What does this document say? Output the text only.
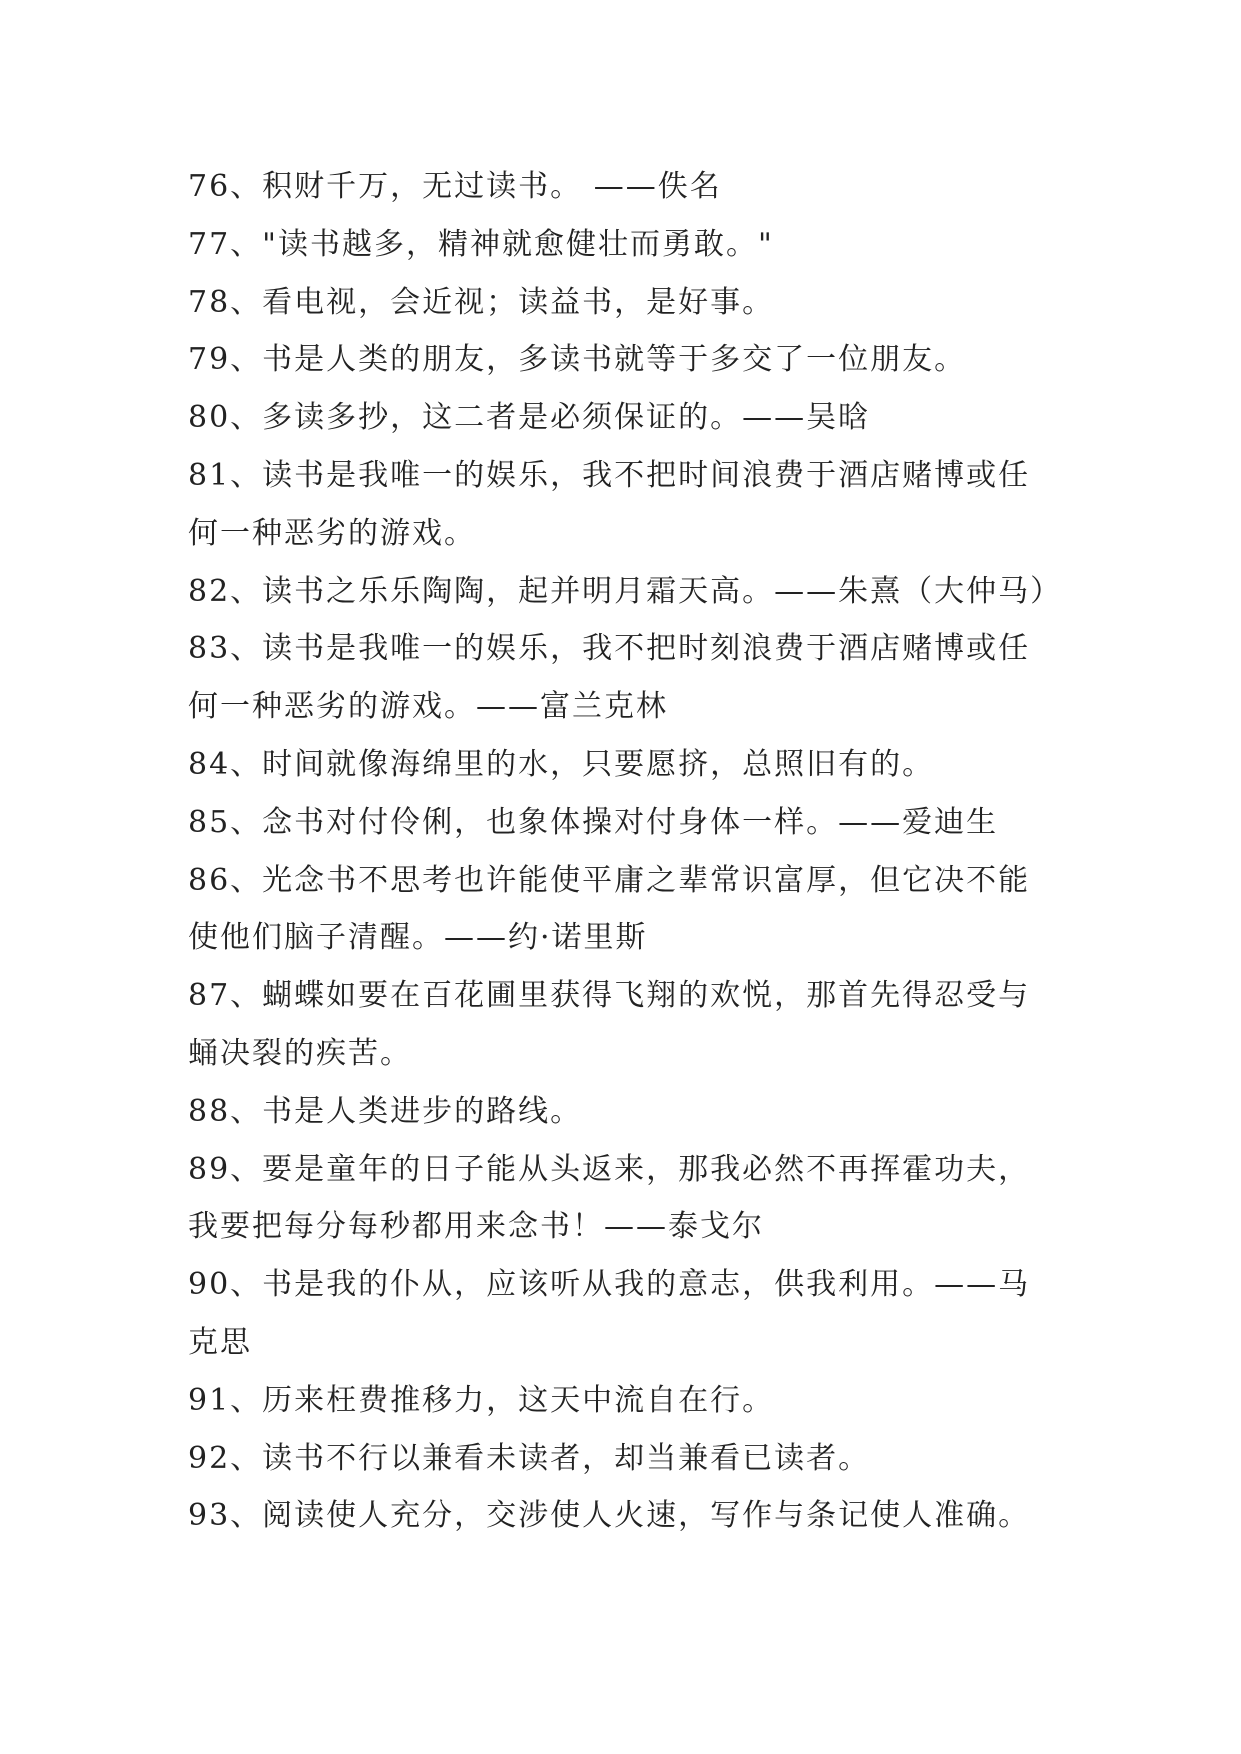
76、积财千万，无过读书。 ——佚名
77、"读书越多，精神就愈健壮而勇敢。"
78、看电视，会近视；读益书，是好事。
79、书是人类的朋友，多读书就等于多交了一位朋友。
80、多读多抄，这二者是必须保证的。——吴晗
81、读书是我唯一的娱乐，我不把时间浪费于酒店赌博或任
何一种恶劣的游戏。
82、读书之乐乐陶陶，起并明月霜天高。——朱熹（大仲马）
83、读书是我唯一的娱乐，我不把时刻浪费于酒店赌博或任
何一种恶劣的游戏。——富兰克林
84、时间就像海绵里的水，只要愿挤，总照旧有的。
85、念书对付伶俐，也象体操对付身体一样。——爱迪生
86、光念书不思考也许能使平庸之辈常识富厚，但它决不能
使他们脑子清醒。——约·诺里斯
87、蝴蝶如要在百花圃里获得飞翔的欢悦，那首先得忍受与
蛹决裂的疾苦。
88、书是人类进步的路线。
89、要是童年的日子能从头返来，那我必然不再挥霍功夫，
我要把每分每秒都用来念书！——泰戈尔
90、书是我的仆从，应该听从我的意志，供我利用。——马
克思
91、历来枉费推移力，这天中流自在行。
92、读书不行以兼看未读者，却当兼看已读者。
93、阅读使人充分，交涉使人火速，写作与条记使人准确。
